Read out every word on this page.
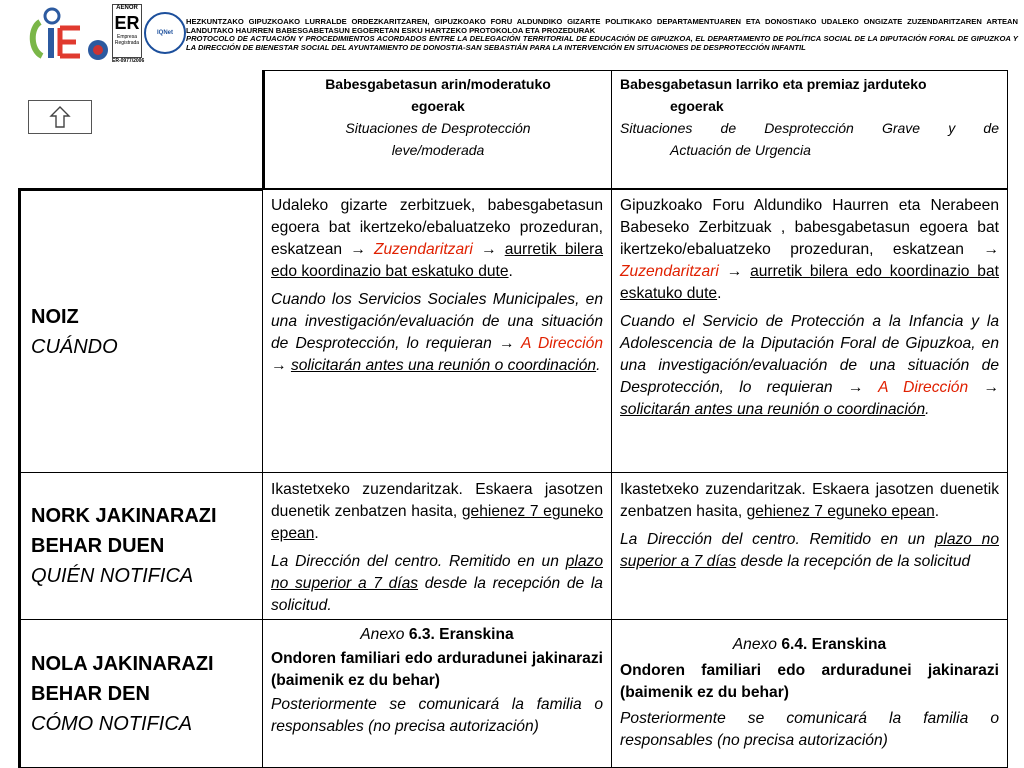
AENOR
ER
Empresa Registrada
IQNet
ER-0977/2006
HEZKUNTZAKO GIPUZKOAKO LURRALDE ORDEZKARITZAREN, GIPUZKOAKO FORU ALDUNDIKO GIZARTE POLITIKAKO DEPARTAMENTUAREN ETA DONOSTIAKO UDALEKO ONGIZATE ZUZENDARITZAREN ARTEAN LANDUTAKO HAURREN BABESGABETASUN EGOERETAN ESKU HARTZEKO PROTOKOLOA ETA PROZEDURAK
PROTOCOLO DE ACTUACIÓN Y PROCEDIMIENTOS ACORDADOS ENTRE LA DELEGACIÓN TERRITORIAL DE EDUCACIÓN DE GIPUZKOA, EL DEPARTAMENTO DE POLÍTICA SOCIAL DE LA DIPUTACIÓN FORAL DE GIPUZKOA Y LA DIRECCIÓN DE BIENESTAR SOCIAL DEL AYUNTAMIENTO DE DONOSTIA-SAN SEBASTIÁN PARA LA INTERVENCIÓN EN SITUACIONES DE DESPROTECCIÓN INFANTIL
Babesgabetasun arin/moderatuko
egoerak
Situaciones de Desprotección
leve/moderada
Babesgabetasun larriko eta premiaz jarduteko
egoerak
Situaciones de Desprotección Grave y de
Actuación de Urgencia
NOIZ
CUÁNDO

Udaleko gizarte zerbitzuek, babesgabetasun egoera bat ikertzeko/ebaluatzeko prozeduran, eskatzean → Zuzendaritzari → aurretik bilera edo koordinazio bat eskatuko dute.

Cuando los Servicios Sociales Municipales, en una investigación/evaluación de una situación de Desprotección, lo requieran → A Dirección → solicitarán antes una reunión o coordinación.

Gipuzkoako Foru Aldundiko Haurren eta Nerabeen Babeseko Zerbitzuak , babesgabetasun egoera bat ikertzeko/ebaluatzeko prozeduran, eskatzean → Zuzendaritzari → aurretik bilera edo koordinazio bat eskatuko dute.

Cuando el Servicio de Protección a la Infancia y la Adolescencia de la Diputación Foral de Gipuzkoa, en una investigación/evaluación de una situación de Desprotección, lo requieran → A Dirección → solicitarán antes una reunión o coordinación.

NORK JAKINARAZI
BEHAR DUEN
QUIÉN NOTIFICA

Ikastetxeko zuzendaritzak. Eskaera jasotzen duenetik zenbatzen hasita, gehienez 7 eguneko epean.

La Dirección del centro. Remitido en un plazo no superior a 7 días desde la recepción de la solicitud.

Ikastetxeko zuzendaritzak. Eskaera jasotzen duenetik zenbatzen hasita, gehienez 7 eguneko epean.

La Dirección del centro. Remitido en un plazo no superior a 7 días desde la recepción de la solicitud

NOLA JAKINARAZI
BEHAR DEN
CÓMO NOTIFICA

Anexo 6.3. Eranskina

Ondoren familiari edo arduradunei jakinarazi (baimenik ez du behar)

Posteriormente se comunicará la familia o responsables (no precisa autorización)

Anexo 6.4. Eranskina

Ondoren familiari edo arduradunei jakinarazi (baimenik ez du behar)

Posteriormente se comunicará la familia o responsables (no precisa autorización)
